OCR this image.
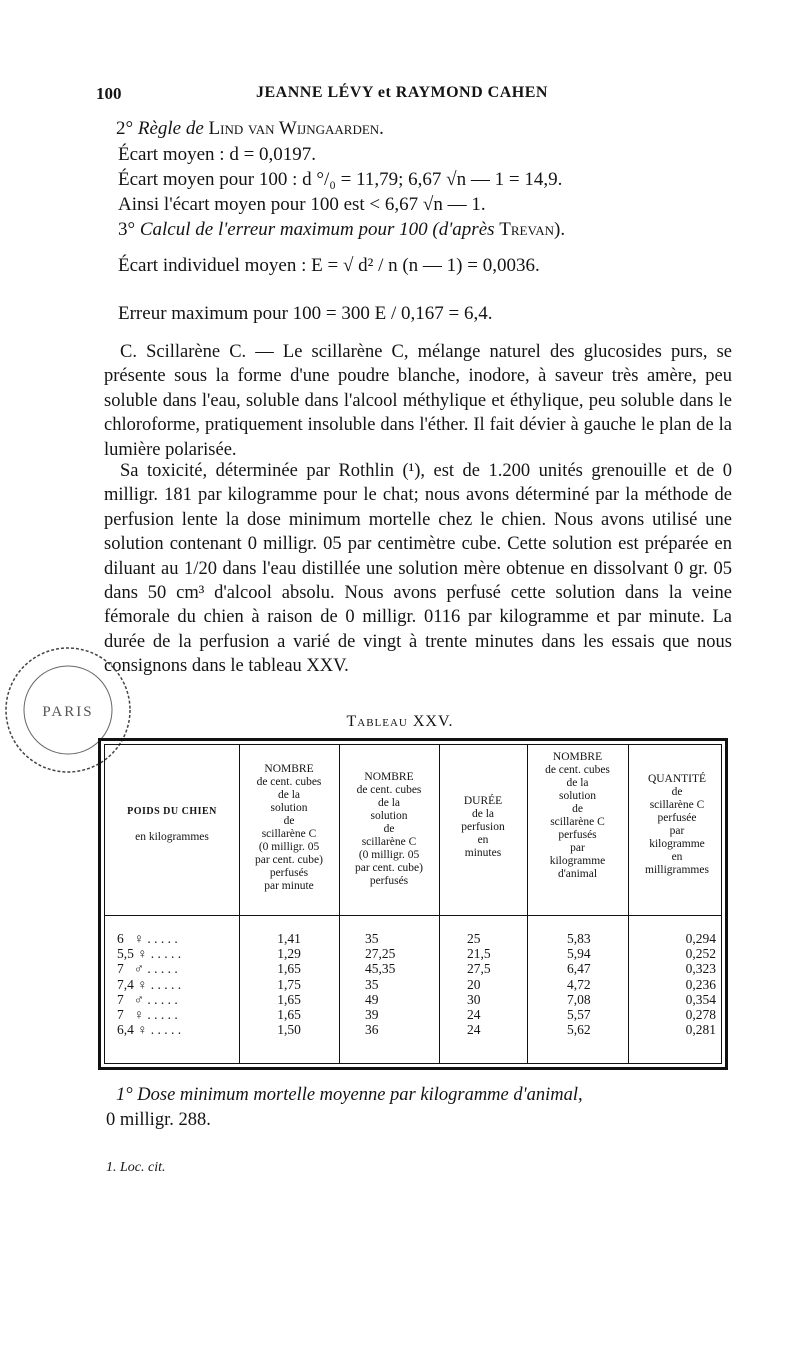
100	JEANNE LÉVY et RAYMOND CAHEN
2° Règle de Lind van Wijngaarden.
Écart moyen : d = 0,0197.
Écart moyen pour 100 : d °/₀ = 11,79; 6,67 √n — 1 = 14,9.
Ainsi l'écart moyen pour 100 est < 6,67 √n — 1.
3° Calcul de l'erreur maximum pour 100 (d'après Trevan).
Écart individuel moyen : E = √ d² / n (n — 1) = 0,0036.
Erreur maximum pour 100 = 300 E / 0,167 = 6,4.
C. Scillarène C. — Le scillarène C, mélange naturel des glucosides purs, se présente sous la forme d'une poudre blanche, inodore, à saveur très amère, peu soluble dans l'eau, soluble dans l'alcool méthylique et éthylique, peu soluble dans le chloroforme, pratiquement insoluble dans l'éther. Il fait dévier à gauche le plan de la lumière polarisée.
Sa toxicité, déterminée par Rothlin (¹), est de 1.200 unités grenouille et de 0 milligr. 181 par kilogramme pour le chat; nous avons déterminé par la méthode de perfusion lente la dose minimum mortelle chez le chien. Nous avons utilisé une solution contenant 0 milligr. 05 par centimètre cube. Cette solution est préparée en diluant au 1/20 dans l'eau distillée une solution mère obtenue en dissolvant 0 gr. 05 dans 50 cm³ d'alcool absolu. Nous avons perfusé cette solution dans la veine fémorale du chien à raison de 0 milligr. 0116 par kilogramme et par minute. La durée de la perfusion a varié de vingt à trente minutes dans les essais que nous consignons dans le tableau XXV.
PARIS
Tableau XXV.
POIDS DU CHIEN

en kilogrammes
NOMBRE
de cent. cubes
de la
solution
de
scillarène C
(0 milligr. 05
par cent. cube)
perfusés
par minute
NOMBRE
de cent. cubes
de la
solution
de
scillarène C
(0 milligr. 05
par cent. cube)
perfusés
DURÉE
de la
perfusion
en
minutes
NOMBRE
de cent. cubes
de la
solution
de
scillarène C
perfusés
par
kilogramme
d'animal
QUANTITÉ
de
scillarène C
perfusée
par
kilogramme
en
milligrammes
6   ♀ . . . . .
5,5 ♀ . . . . .
7   ♂ . . . . .
7,4 ♀ . . . . .
7   ♂ . . . . .
7   ♀ . . . . .
6,4 ♀ . . . . .
1,41
1,29
1,65
1,75
1,65
1,65
1,50
35
27,25
45,35
35
49
39
36
25
21,5
27,5
20
30
24
24
5,83
5,94
6,47
4,72
7,08
5,57
5,62
0,294
0,252
0,323
0,236
0,354
0,278
0,281
1° Dose minimum mortelle moyenne par kilogramme d'animal,
0 milligr. 288.
1. Loc. cit.
